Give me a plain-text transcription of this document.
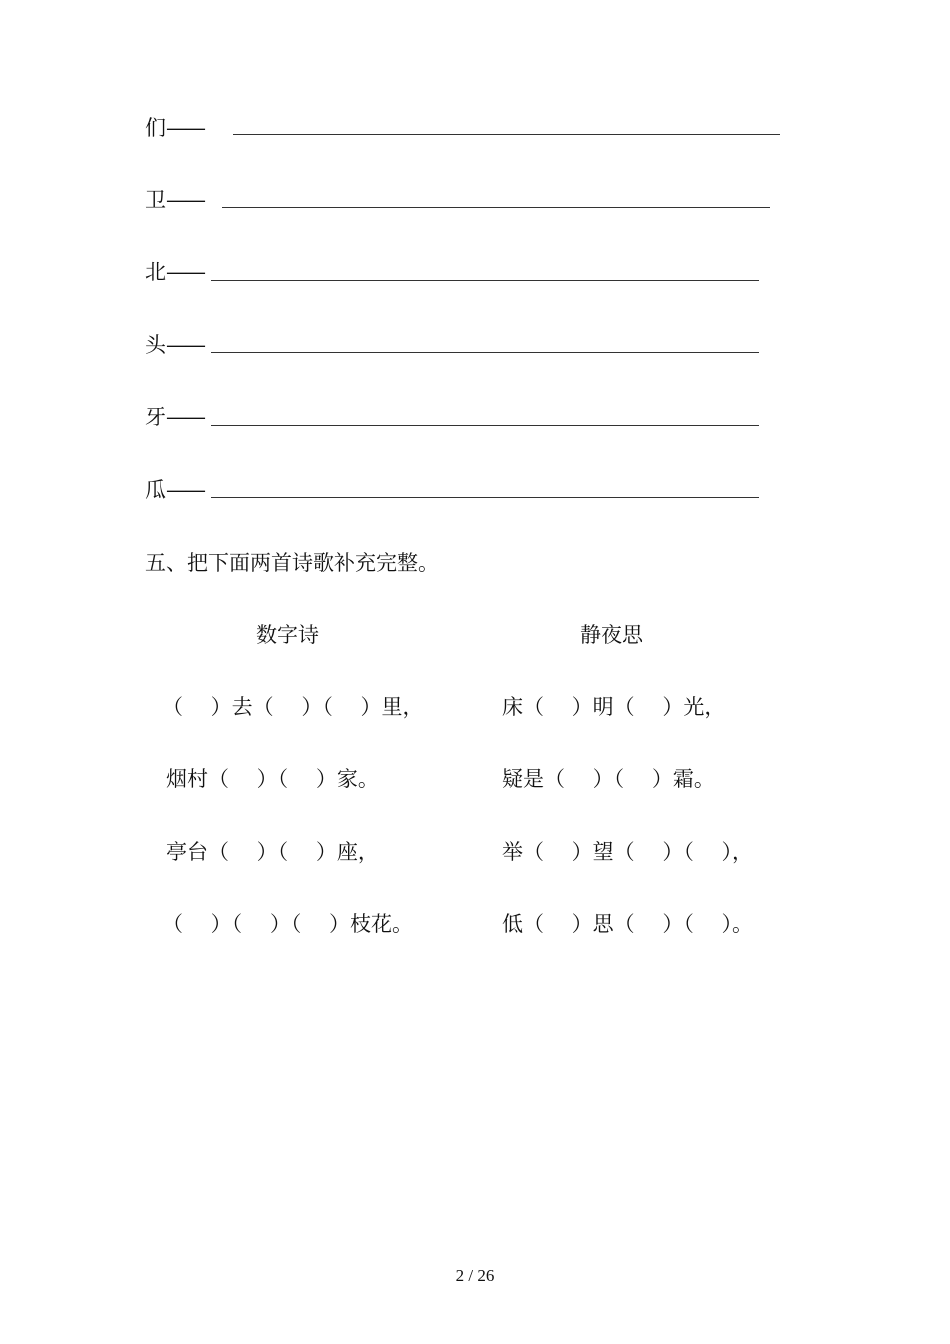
们——
卫——
北——
头——
牙——
瓜——
五、把下面两首诗歌补充完整。
数字诗
（　 ）去（　 ）（　 ）里，
烟村（　 ）（　 ）家。
亭台（　 ）（　 ）座，
（　 ）（　 ）（　 ）枝花。
静夜思
床（　 ）明（　 ）光，
疑是（　 ）（　 ）霜。
举（　 ）望（　 ）（　 ），
低（　 ）思（　 ）（　 ）。
2 / 26
